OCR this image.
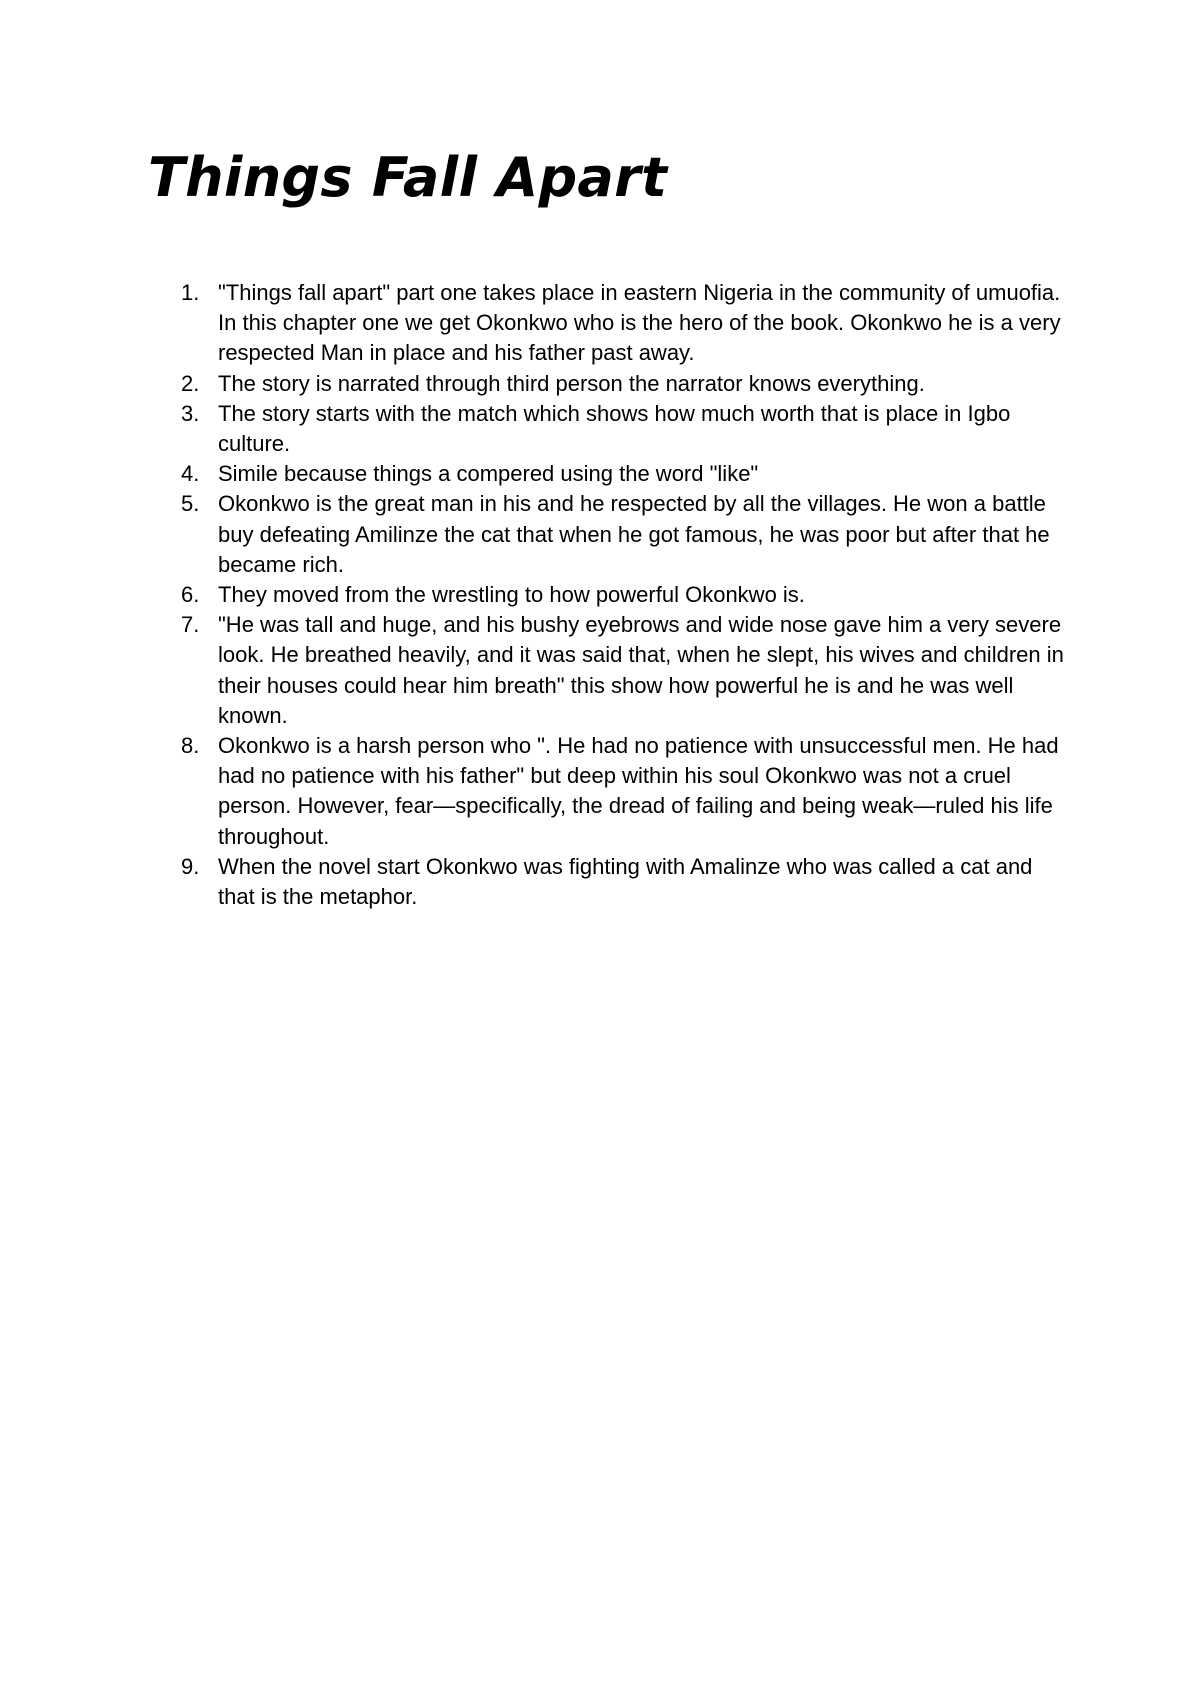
Things Fall Apart
1. "Things fall apart" part one takes place in eastern Nigeria in the community of umuofia. In this chapter one we get Okonkwo who is the hero of the book. Okonkwo he is a very respected Man in place and his father past away.
2. The story is narrated through third person the narrator knows everything.
3. The story starts with the match which shows how much worth that is place in Igbo culture.
4. Simile because things a compered using the word "like"
5. Okonkwo is the great man in his and he respected by all the villages. He won a battle buy defeating Amilinze the cat that when he got famous, he was poor but after that he became rich.
6. They moved from the wrestling to how powerful Okonkwo is.
7. "He was tall and huge, and his bushy eyebrows and wide nose gave him a very severe look. He breathed heavily, and it was said that, when he slept, his wives and children in their houses could hear him breath" this show how powerful he is and he was well known.
8. Okonkwo is a harsh person who ". He had no patience with unsuccessful men. He had had no patience with his father" but deep within his soul Okonkwo was not a cruel person. However, fear—specifically, the dread of failing and being weak—ruled his life throughout.
9. When the novel start Okonkwo was fighting with Amalinze who was called a cat and that is the metaphor.
